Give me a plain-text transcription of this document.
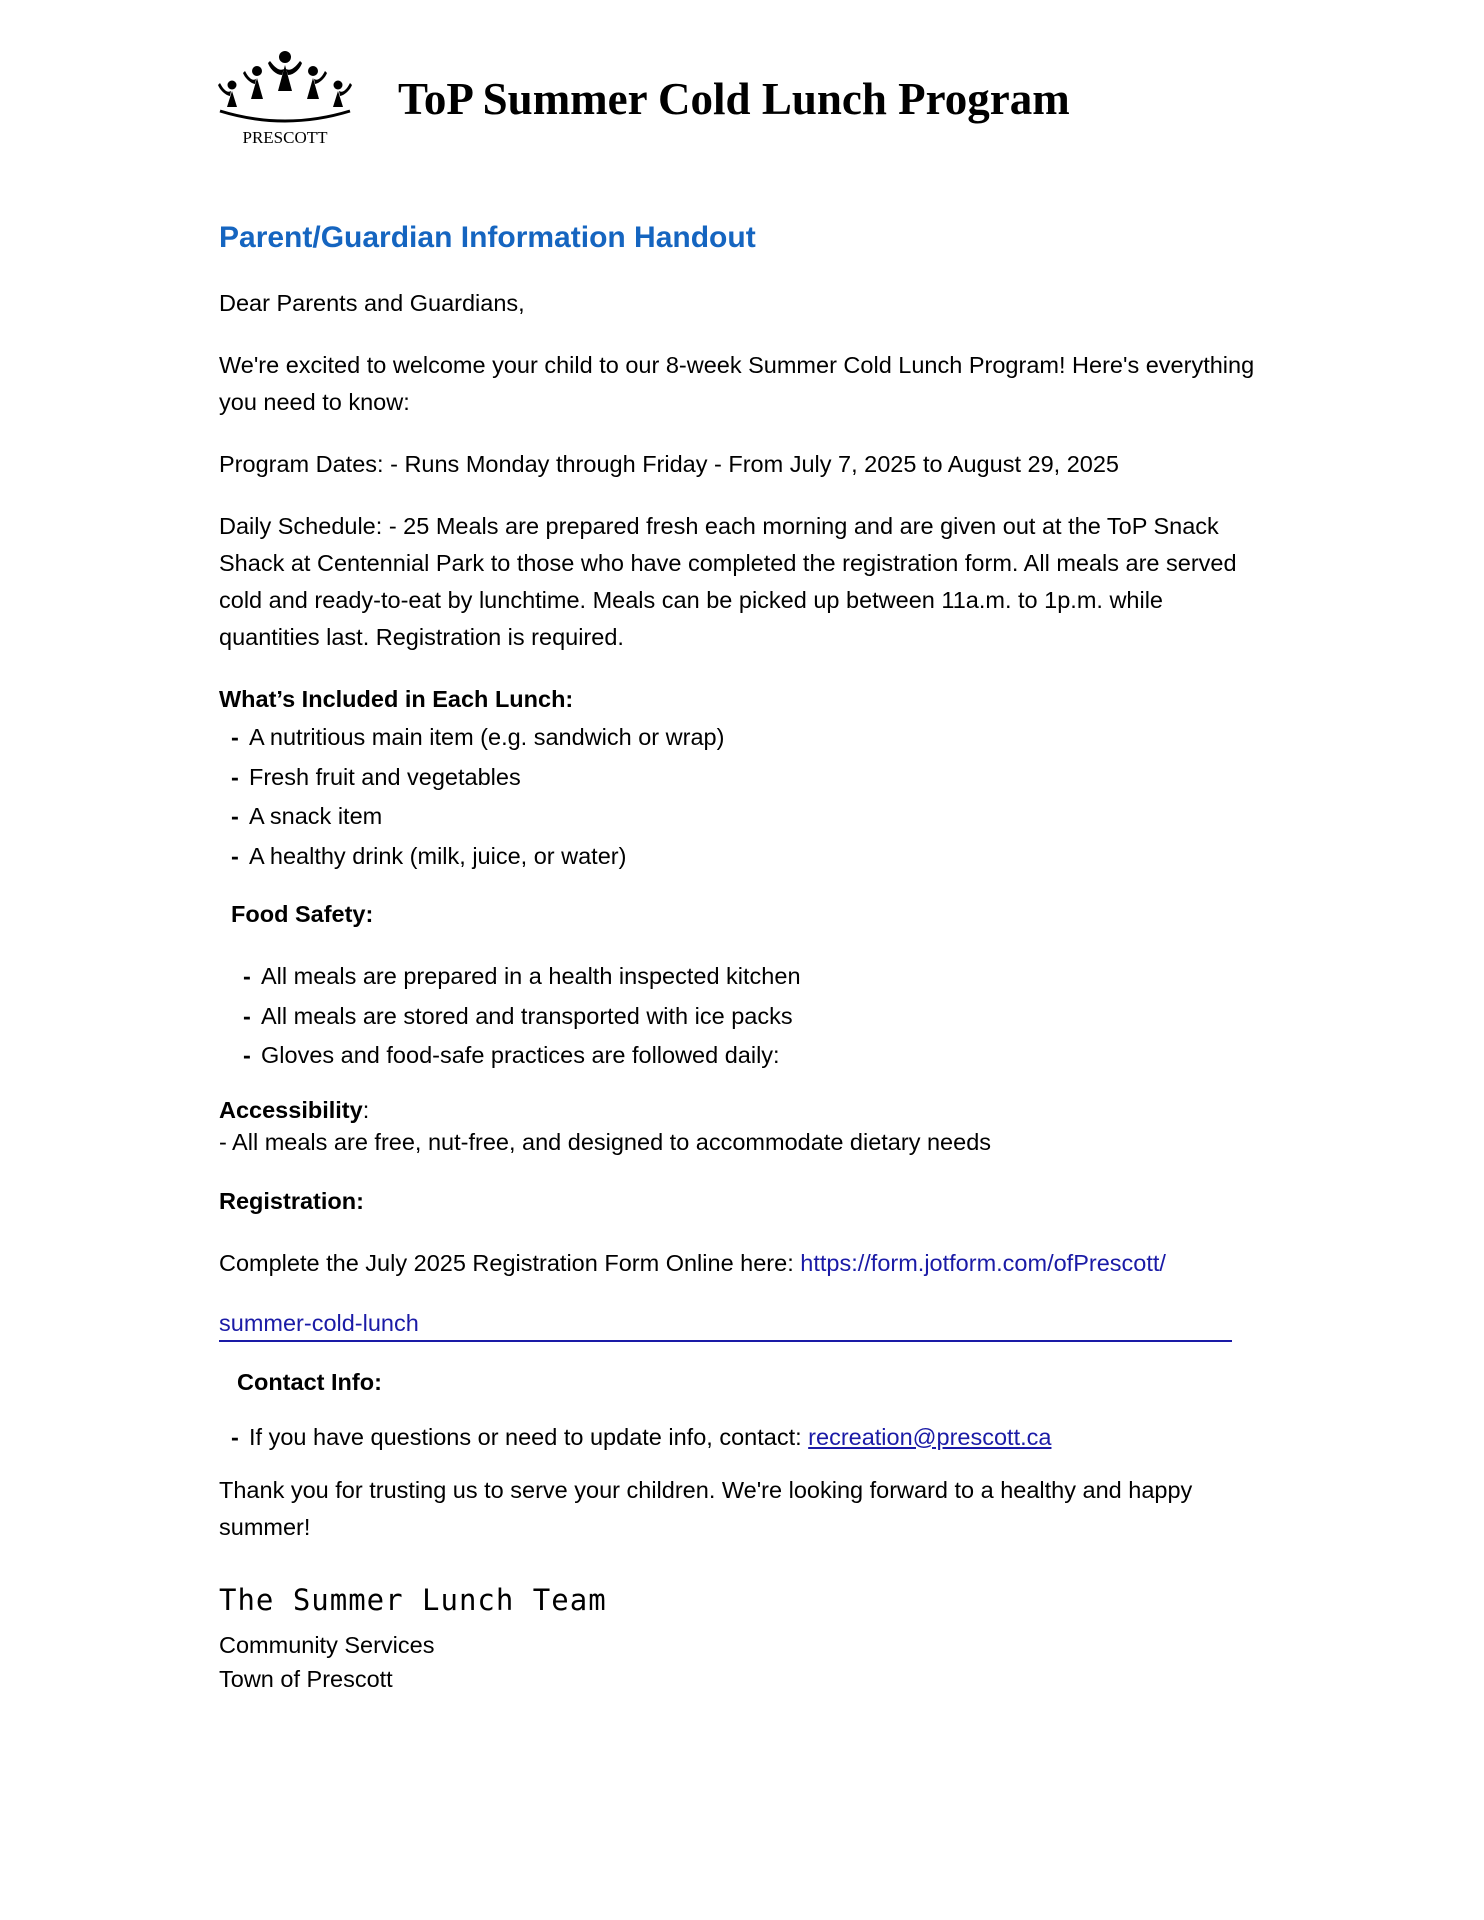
PRESCOTT
ToP Summer Cold Lunch Program
Parent/Guardian Information Handout

Dear Parents and Guardians,

We're excited to welcome your child to our 8-week Summer Cold Lunch Program! Here's everything you need to know:

Program Dates: - Runs Monday through Friday - From July 7, 2025 to August 29, 2025

Daily Schedule: - 25 Meals are prepared fresh each morning and are given out at the ToP Snack Shack at Centennial Park to those who have completed the registration form. All meals are served cold and ready-to-eat by lunchtime. Meals can be picked up between 11a.m. to 1p.m. while quantities last. Registration is required.

What’s Included in Each Lunch:
- A nutritious main item (e.g. sandwich or wrap)
- Fresh fruit and vegetables
- A snack item
- A healthy drink (milk, juice, or water)
Food Safety:
- All meals are prepared in a health inspected kitchen
- All meals are stored and transported with ice packs
- Gloves and food-safe practices are followed daily:

Accessibility:

- All meals are free, nut-free, and designed to accommodate dietary needs

Registration:

Complete the July 2025 Registration Form Online here: https://form.jotform.com/ofPrescott/

summer-cold-lunch
Contact Info:

- If you have questions or need to update info, contact: recreation@prescott.ca

Thank you for trusting us to serve your children. We're looking forward to a healthy and happy summer!

The Summer Lunch Team

Community Services

Town of Prescott
